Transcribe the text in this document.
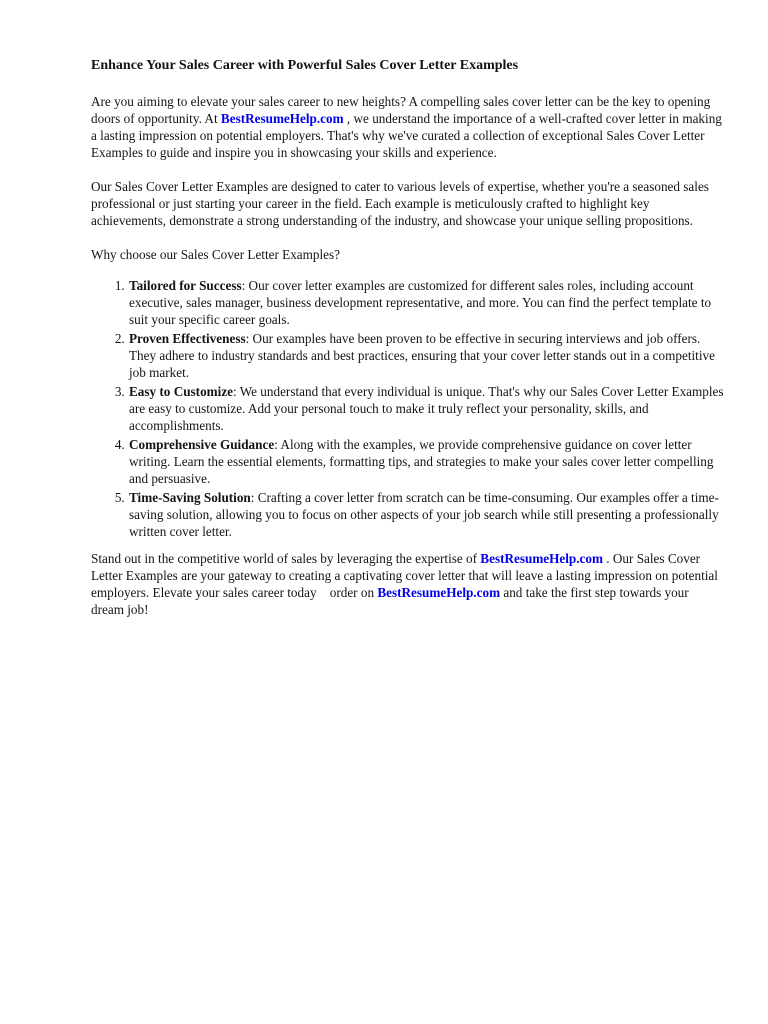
Enhance Your Sales Career with Powerful Sales Cover Letter Examples

Are you aiming to elevate your sales career to new heights? A compelling sales cover letter can be the key to opening doors of opportunity. At BestResumeHelp.com , we understand the importance of a well-crafted cover letter in making a lasting impression on potential employers. That's why we've curated a collection of exceptional Sales Cover Letter Examples to guide and inspire you in showcasing your skills and experience.

Our Sales Cover Letter Examples are designed to cater to various levels of expertise, whether you're a seasoned sales professional or just starting your career in the field. Each example is meticulously crafted to highlight key achievements, demonstrate a strong understanding of the industry, and showcase your unique selling propositions.

Why choose our Sales Cover Letter Examples?

1. Tailored for Success: Our cover letter examples are customized for different sales roles, including account executive, sales manager, business development representative, and more. You can find the perfect template to suit your specific career goals.
2. Proven Effectiveness: Our examples have been proven to be effective in securing interviews and job offers. They adhere to industry standards and best practices, ensuring that your cover letter stands out in a competitive job market.
3. Easy to Customize: We understand that every individual is unique. That's why our Sales Cover Letter Examples are easy to customize. Add your personal touch to make it truly reflect your personality, skills, and accomplishments.
4. Comprehensive Guidance: Along with the examples, we provide comprehensive guidance on cover letter writing. Learn the essential elements, formatting tips, and strategies to make your sales cover letter compelling and persuasive.
5. Time-Saving Solution: Crafting a cover letter from scratch can be time-consuming. Our examples offer a time-saving solution, allowing you to focus on other aspects of your job search while still presenting a professionally written cover letter.

Stand out in the competitive world of sales by leveraging the expertise of BestResumeHelp.com . Our Sales Cover Letter Examples are your gateway to creating a captivating cover letter that will leave a lasting impression on potential employers. Elevate your sales career today    order on BestResumeHelp.com and take the first step towards your dream job!
